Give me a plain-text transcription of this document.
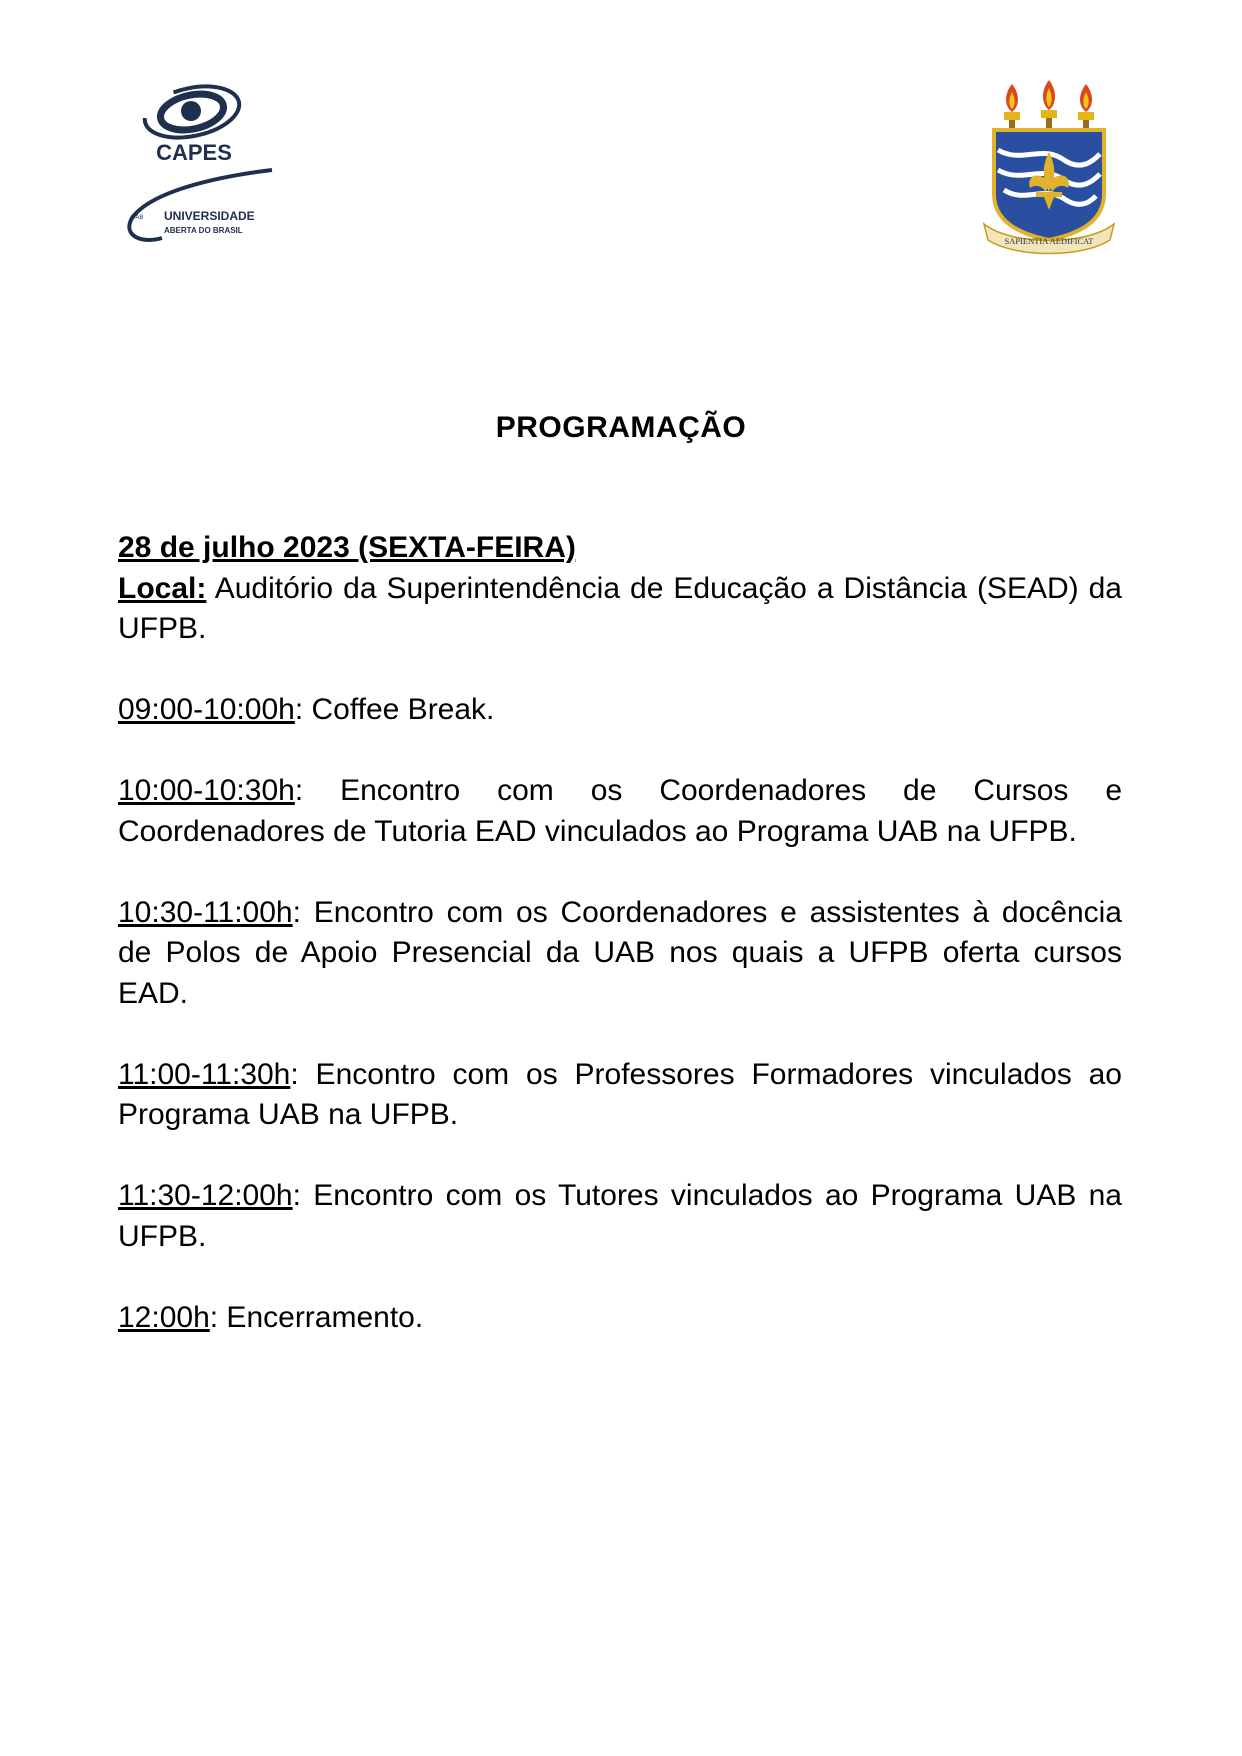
CAPES
UAB UNIVERSIDADE
ABERTA DO BRASIL
SAPIENTIA AEDIFICAT
PROGRAMAÇÃO

28 de julho 2023 (SEXTA-FEIRA)

Local: Auditório da Superintendência de Educação a Distância (SEAD) da UFPB.

09:00-10:00h: Coffee Break.

10:00-10:30h: Encontro com os Coordenadores de Cursos e Coordenadores de Tutoria EAD vinculados ao Programa UAB na UFPB.

10:30-11:00h: Encontro com os Coordenadores e assistentes à docência de Polos de Apoio Presencial da UAB nos quais a UFPB oferta cursos EAD.

11:00-11:30h: Encontro com os Professores Formadores vinculados ao Programa UAB na UFPB.

11:30-12:00h: Encontro com os Tutores vinculados ao Programa UAB na UFPB.

12:00h: Encerramento.
